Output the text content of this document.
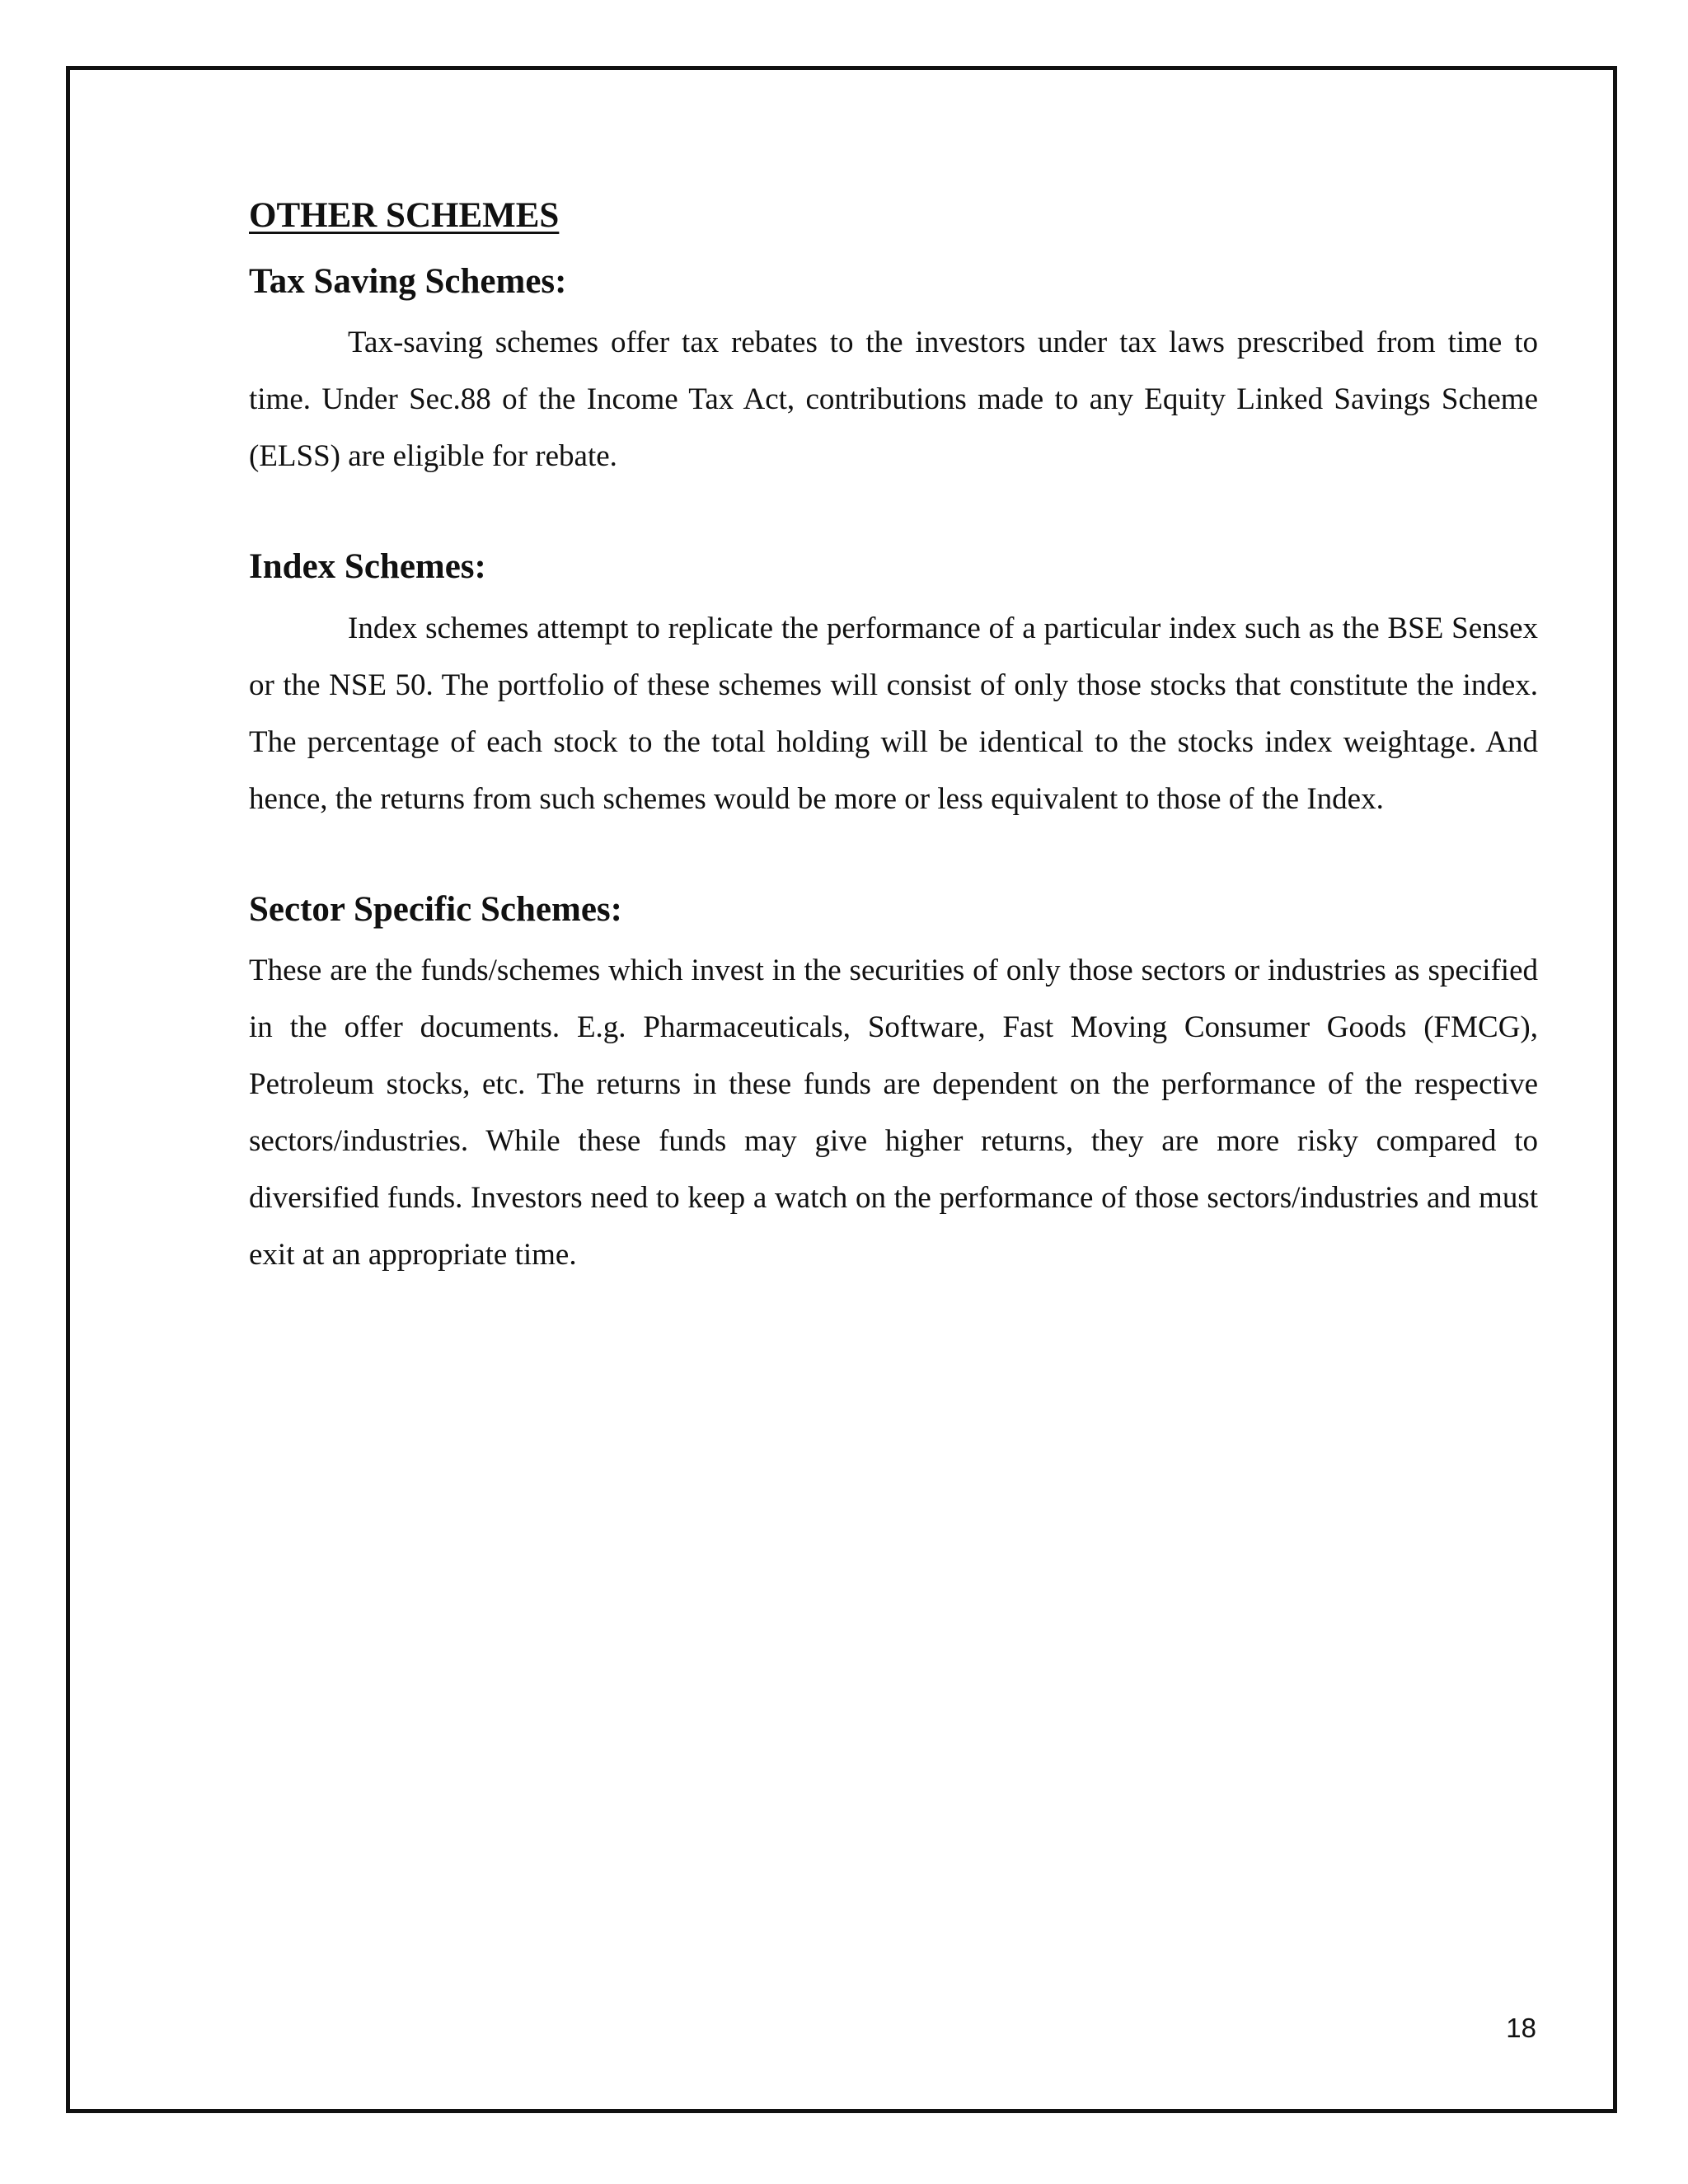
OTHER SCHEMES
Tax Saving Schemes:

Tax-saving schemes offer tax rebates to the investors under tax laws prescribed from time to time. Under Sec.88 of the Income Tax Act, contributions made to any Equity Linked Savings Scheme (ELSS) are eligible for rebate.

Index Schemes:

Index schemes attempt to replicate the performance of a particular index such as the BSE Sensex or the NSE 50. The portfolio of these schemes will consist of only those stocks that constitute the index. The percentage of each stock to the total holding will be identical to the stocks index weightage. And hence, the returns from such schemes would be more or less equivalent to those of the Index.

Sector Specific Schemes:

These are the funds/schemes which invest in the securities of only those sectors or industries as specified in the offer documents. E.g. Pharmaceuticals, Software, Fast Moving Consumer Goods (FMCG), Petroleum stocks, etc. The returns in these funds are dependent on the performance of the respective sectors/industries. While these funds may give higher returns, they are more risky compared to diversified funds. Investors need to keep a watch on the performance of those sectors/industries and must exit at an appropriate time.

18
